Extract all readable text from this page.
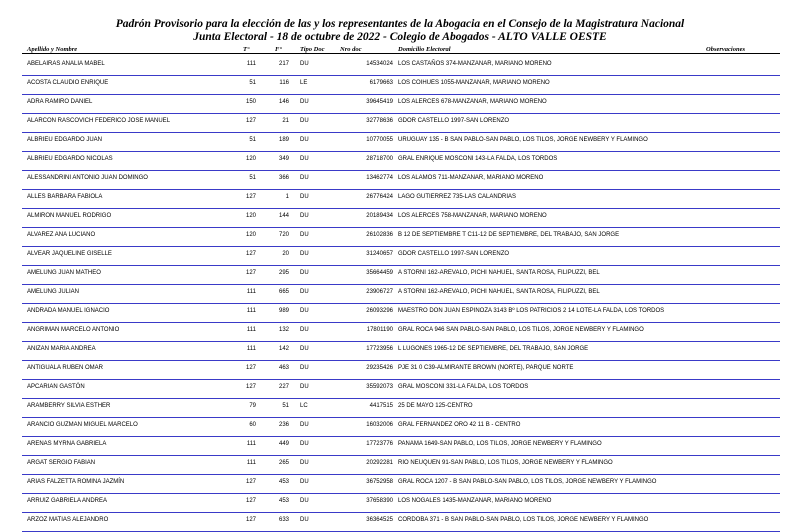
Padrón Provisorio para la elección de las y los representantes de la Abogacia en el Consejo de la Magistratura Nacional
Junta Electoral - 18 de octubre de 2022 - Colegio de Abogados - ALTO VALLE OESTE
Apellido y Nombre	T°	F°	Tipo Doc Nro doc	Domicilio Electoral	Observaciones
ABELAIRAS ANALIA MABEL	111	217 DU	14534024 LOS CASTAÑOS 374-MANZANAR, MARIANO MORENO
ACOSTA CLAUDIO ENRIQUE	51	116 LE	6179663 LOS COIHUES 1055-MANZANAR, MARIANO MORENO
ADRA RAMIRO DANIEL	150	146 DU	39645419 LOS ALERCES 678-MANZANAR, MARIANO MORENO
ALARCON RASCOVICH FEDERICO JOSE MANUEL	127	21 DU	32778636 GDOR CASTELLO 1997-SAN LORENZO
ALBRIEU EDGARDO JUAN	51	189 DU	10770055 URUGUAY 135 - B SAN PABLO-SAN PABLO, LOS TILOS, JORGE NEWBERY Y FLAMINGO
ALBRIEU EDGARDO NICOLAS	120	349 DU	28718700 GRAL ENRIQUE MOSCONI 143-LA FALDA, LOS TORDOS
ALESSANDRINI ANTONIO JUAN DOMINGO	51	366 DU	13462774 LOS ALAMOS 711-MANZANAR, MARIANO MORENO
ALLES BARBARA FABIOLA	127	1 DU	26776424 LAGO GUTIERREZ 735-LAS CALANDRIAS
ALMIRON MANUEL RODRIGO	120	144 DU	20189434 LOS ALERCES 758-MANZANAR, MARIANO MORENO
ALVAREZ ANA LUCIANO	120	720 DU	26102836 B 12 DE SEPTIEMBRE T C11-12 DE SEPTIEMBRE, DEL TRABAJO, SAN JORGE
ALVEAR JAQUELINE GISELLE	127	20 DU	31240657 GDOR CASTELLO 1997-SAN LORENZO
AMELUNG JUAN MATHEO	127	295 DU	35664459 A STORNI 162-AREVALO, PICHI NAHUEL, SANTA ROSA, FILIPUZZI, BEL
AMELUNG JULIAN	111	665 DU	23906727 A STORNI 162-AREVALO, PICHI NAHUEL, SANTA ROSA, FILIPUZZI, BEL
ANDRADA MANUEL IGNACIO	111	989 DU	26093296 MAESTRO DON JUAN ESPINOZA 3143 Bº LOS PATRICIOS 2 14 LOTE-LA FALDA, LOS TORDOS
ANGRIMAN MARCELO ANTONIO	111	132 DU	17801190 GRAL ROCA 946 SAN PABLO-SAN PABLO, LOS TILOS, JORGE NEWBERY Y FLAMINGO
ANIZAN MARIA ANDREA	111	142 DU	17723956 L LUGONES 1965-12 DE SEPTIEMBRE, DEL TRABAJO, SAN JORGE
ANTIGUALA RUBEN OMAR	127	463 DU	29235426 PJE 31 0 C39-ALMIRANTE BROWN (NORTE), PARQUE NORTE
APCARIAN GASTÓN	127	227 DU	35592073 GRAL MOSCONI 331-LA FALDA, LOS TORDOS
ARAMBERRY SILVIA ESTHER	79	51 LC	4417515 25 DE MAYO 125-CENTRO
ARANCIO GUZMAN MIGUEL MARCELO	60	236 DU	16032006 GRAL FERNANDEZ ORO 42 11 B - CENTRO
ARENAS MYRNA GABRIELA	111	449 DU	17723776 PANAMA 1649-SAN PABLO, LOS TILOS, JORGE NEWBERY Y FLAMINGO
ARGAT SERGIO FABIAN	111	265 DU	20292281 RIO NEUQUEN 91-SAN PABLO, LOS TILOS, JORGE NEWBERY Y FLAMINGO
ARIAS FALZETTA ROMINA JAZMÍN	127	453 DU	36752958 GRAL ROCA 1207 - B SAN PABLO-SAN PABLO, LOS TILOS, JORGE NEWBERY Y FLAMINGO
ARRUIZ GABRIELA ANDREA	127	453 DU	37658390 LOS NOGALES 1435-MANZANAR, MARIANO MORENO
ARZOZ MATIAS ALEJANDRO	127	633 DU	36364525 CORDOBA 371 - B SAN PABLO-SAN PABLO, LOS TILOS, JORGE NEWBERY Y FLAMINGO
